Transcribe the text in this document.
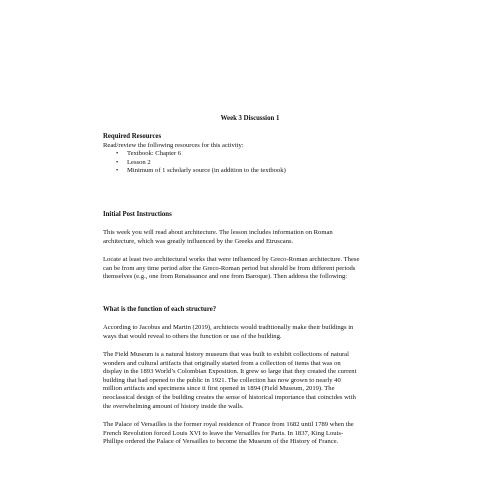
Week 3 Discussion 1
Required Resources

Read/review the following resources for this activity:

• Textbook: Chapter 6
• Lesson 2
• Minimum of 1 scholarly source (in addition to the textbook)
Initial Post Instructions

This week you will read about architecture. The lesson includes information on Roman

architecture, which was greatly influenced by the Greeks and Etruscans.

Locate at least two architectural works that were influenced by Greco-Roman architecture. These

can be from any time period after the Greco-Roman period but should be from different periods

themselves (e.g., one from Renaissance and one from Baroque). Then address the following:

What is the function of each structure?

According to Jacobus and Martin (2019), architects would traditionally make their buildings in

ways that would reveal to others the function or use of the building.

The Field Museum is a natural history museum that was built to exhibit collections of natural

wonders and cultural artifacts that originally started from a collection of items that was on

display in the 1893 World’s Colombian Exposition. It grew so large that they created the current

building that had opened to the public in 1921. The collection has now grown to nearly 40

million artifacts and specimens since it first opened in 1894 (Field Museum, 2019). The

neoclassical design of the building creates the sense of historical importance that coincides with

the overwhelming amount of history inside the walls.

The Palace of Versailles is the former royal residence of France from 1682 until 1789 when the

French Revolution forced Louis XVI to leave the Versailles for Paris. In 1837, King Louis-

Phillipe ordered the Palace of Versailles to become the Museum of the History of France.
